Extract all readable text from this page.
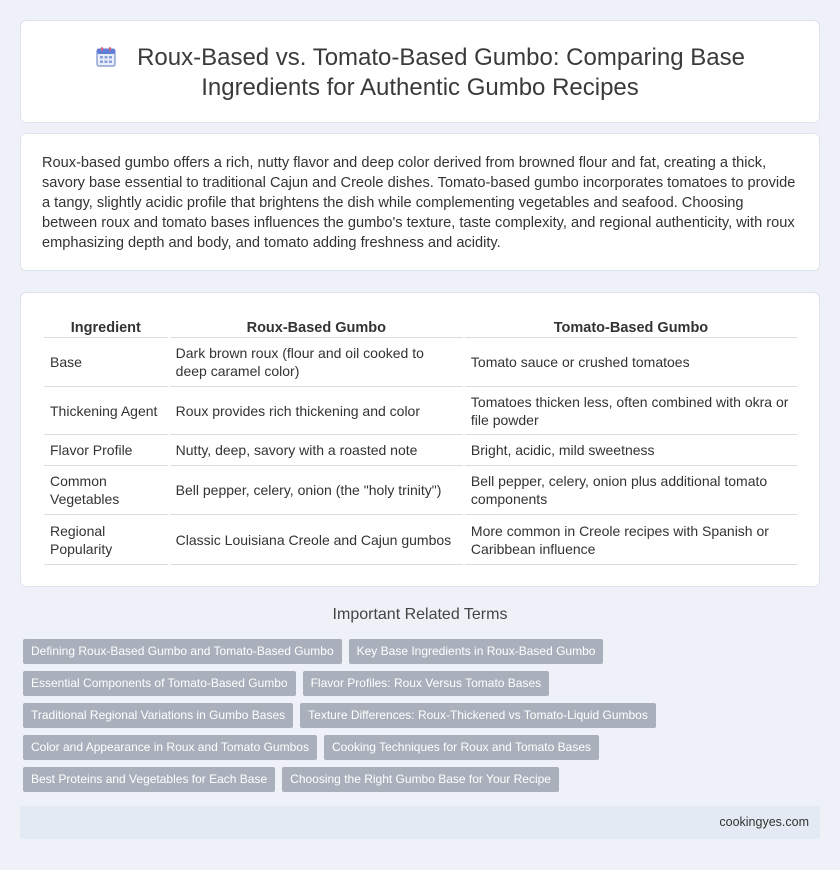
Roux-Based vs. Tomato-Based Gumbo: Comparing Base
Ingredients for Authentic Gumbo Recipes

Roux-based gumbo offers a rich, nutty flavor and deep color derived from browned flour and fat, creating a thick, savory base essential to traditional Cajun and Creole dishes. Tomato-based gumbo incorporates tomatoes to provide a tangy, slightly acidic profile that brightens the dish while complementing vegetables and seafood. Choosing between roux and tomato bases influences the gumbo's texture, taste complexity, and regional authenticity, with roux emphasizing depth and body, and tomato adding freshness and acidity.

Ingredient	Roux-Based Gumbo	Tomato-Based Gumbo
Base	Dark brown roux (flour and oil cooked to deep caramel color)	Tomato sauce or crushed tomatoes
Thickening Agent	Roux provides rich thickening and color	Tomatoes thicken less, often combined with okra or file powder
Flavor Profile	Nutty, deep, savory with a roasted note	Bright, acidic, mild sweetness
Common Vegetables	Bell pepper, celery, onion (the "holy trinity")	Bell pepper, celery, onion plus additional tomato components
Regional Popularity	Classic Louisiana Creole and Cajun gumbos	More common in Creole recipes with Spanish or Caribbean influence
Important Related Terms
Defining Roux-Based Gumbo and Tomato-Based Gumbo	Key Base Ingredients in Roux-Based Gumbo
Essential Components of Tomato-Based Gumbo	Flavor Profiles: Roux Versus Tomato Bases
Traditional Regional Variations in Gumbo Bases	Texture Differences: Roux-Thickened vs Tomato-Liquid Gumbos
Color and Appearance in Roux and Tomato Gumbos	Cooking Techniques for Roux and Tomato Bases
Best Proteins and Vegetables for Each Base	Choosing the Right Gumbo Base for Your Recipe
cookingyes.com
